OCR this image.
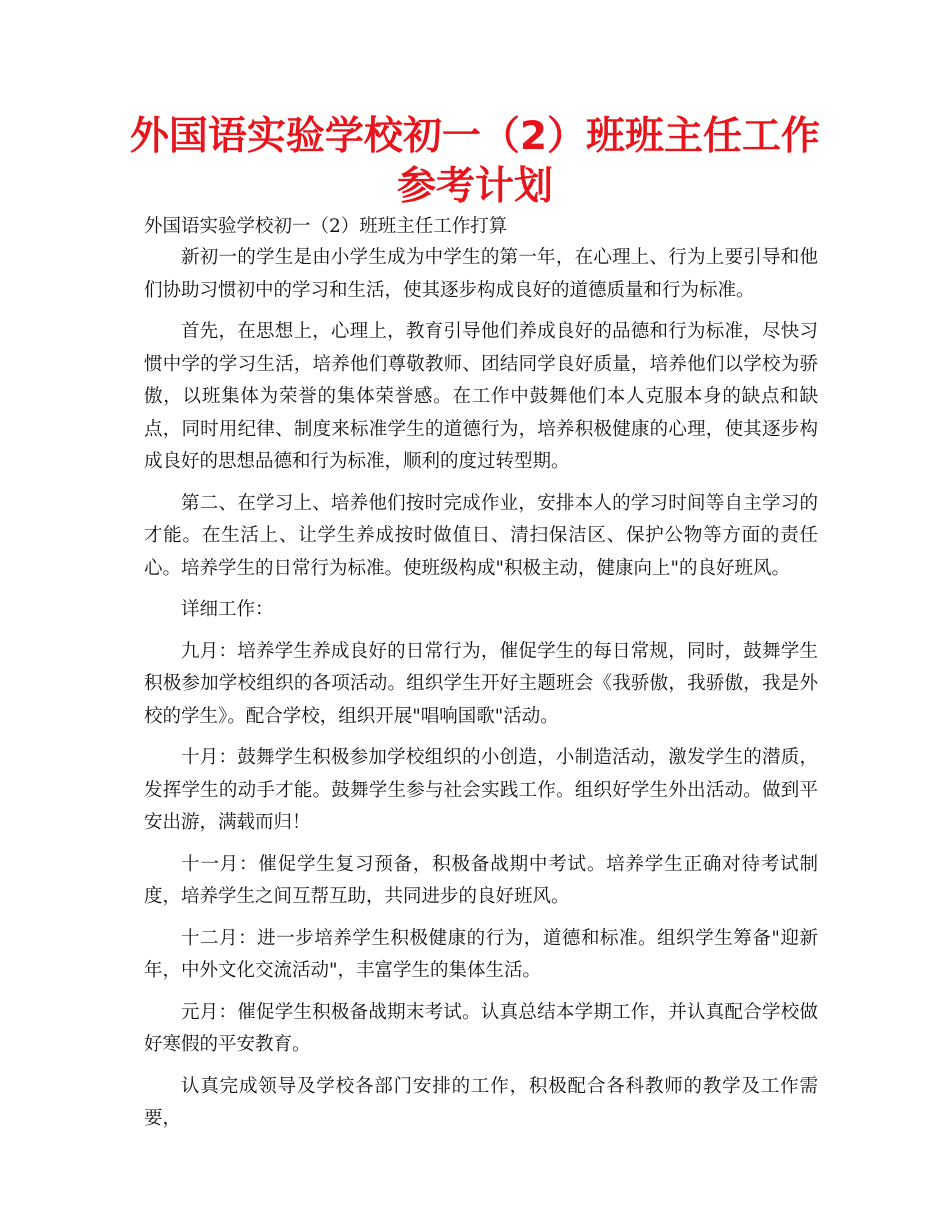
外国语实验学校初一（2）班班主任工作参考计划

外国语实验学校初一（2）班班主任工作打算

新初一的学生是由小学生成为中学生的第一年，在心理上、行为上要引导和他们协助习惯初中的学习和生活，使其逐步构成良好的道德质量和行为标准。

首先，在思想上，心理上，教育引导他们养成良好的品德和行为标准，尽快习惯中学的学习生活，培养他们尊敬教师、团结同学良好质量，培养他们以学校为骄傲，以班集体为荣誉的集体荣誉感。在工作中鼓舞他们本人克服本身的缺点和缺点，同时用纪律、制度来标准学生的道德行为，培养积极健康的心理，使其逐步构成良好的思想品德和行为标准，顺利的度过转型期。

第二、在学习上、培养他们按时完成作业，安排本人的学习时间等自主学习的才能。在生活上、让学生养成按时做值日、清扫保洁区、保护公物等方面的责任心。培养学生的日常行为标准。使班级构成"积极主动，健康向上"的良好班风。

详细工作：

九月：培养学生养成良好的日常行为，催促学生的每日常规，同时，鼓舞学生积极参加学校组织的各项活动。组织学生开好主题班会《我骄傲，我骄傲，我是外校的学生》。配合学校，组织开展"唱响国歌"活动。

十月：鼓舞学生积极参加学校组织的小创造，小制造活动，激发学生的潜质，发挥学生的动手才能。鼓舞学生参与社会实践工作。组织好学生外出活动。做到平安出游，满载而归！

十一月：催促学生复习预备，积极备战期中考试。培养学生正确对待考试制度，培养学生之间互帮互助，共同进步的良好班风。

十二月：进一步培养学生积极健康的行为，道德和标准。组织学生筹备"迎新年，中外文化交流活动"，丰富学生的集体生活。

元月：催促学生积极备战期末考试。认真总结本学期工作，并认真配合学校做好寒假的平安教育。

认真完成领导及学校各部门安排的工作，积极配合各科教师的教学及工作需要，
